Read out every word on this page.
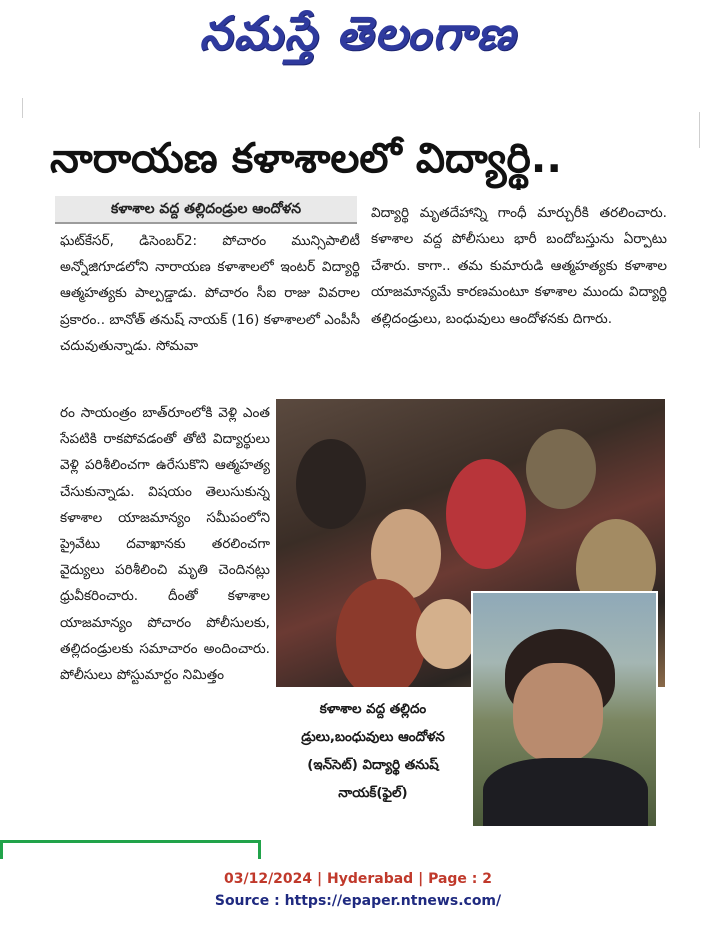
నమస్తే తెలంగాణ
నారాయణ కళాశాలలో విద్యార్థి..
కళాశాల వద్ద తల్లిదండ్రుల ఆందోళన

ఘట్‌కేసర్‌, డిసెంబర్‌2: పోచారం మున్సిపాలిటీ అన్నోజిగూడలోని నారాయణ కళాశాలలో ఇంటర్‌ విద్యార్థి ఆత్మహత్యకు పాల్పడ్డాడు. పోచారం సీఐ రాజు వివరాల ప్రకారం.. బానోత్‌ తనుష్‌ నాయక్‌ (16) కళాశాలలో ఎంపీసీ చదువుతున్నాడు. సోమవా

రం సాయంత్రం బాత్‌రూంలోకి వెళ్లి ఎంత సేపటికి రాకపోవడంతో తోటి విద్యార్థులు వెళ్లి పరిశీలించగా ఉరేసుకొని ఆత్మహత్య చేసుకున్నాడు. విషయం తెలుసుకున్న కళాశాల యాజమాన్యం సమీపంలోని ప్రైవేటు దవాఖానకు తరలించగా వైద్యులు పరిశీలించి మృతి చెందినట్లు ధ్రువీకరించారు. దీంతో కళాశాల యాజమాన్యం పోచారం పోలీసులకు, తల్లిదండ్రులకు సమాచారం అందించారు. పోలీసులు పోస్టుమార్టం నిమిత్తం

విద్యార్థి మృతదేహాన్ని గాంధీ మార్చురీకి తరలించారు. కళాశాల వద్ద పోలీసులు భారీ బందోబస్తును ఏర్పాటు చేశారు. కాగా.. తమ కుమారుడి ఆత్మహత్యకు కళాశాల యాజమాన్యమే కారణమంటూ కళాశాల ముందు విద్యార్థి తల్లిదండ్రులు, బంధువులు ఆందోళనకు దిగారు.

కళాశాల వద్ద తల్లిదం

డ్రులు,బంధువులు ఆందోళన

(ఇన్‌సెట్‌) విద్యార్థి తనుష్‌

నాయక్‌(ఫైల్‌)

03/12/2024 | Hyderabad | Page : 2
Source : https://epaper.ntnews.com/
